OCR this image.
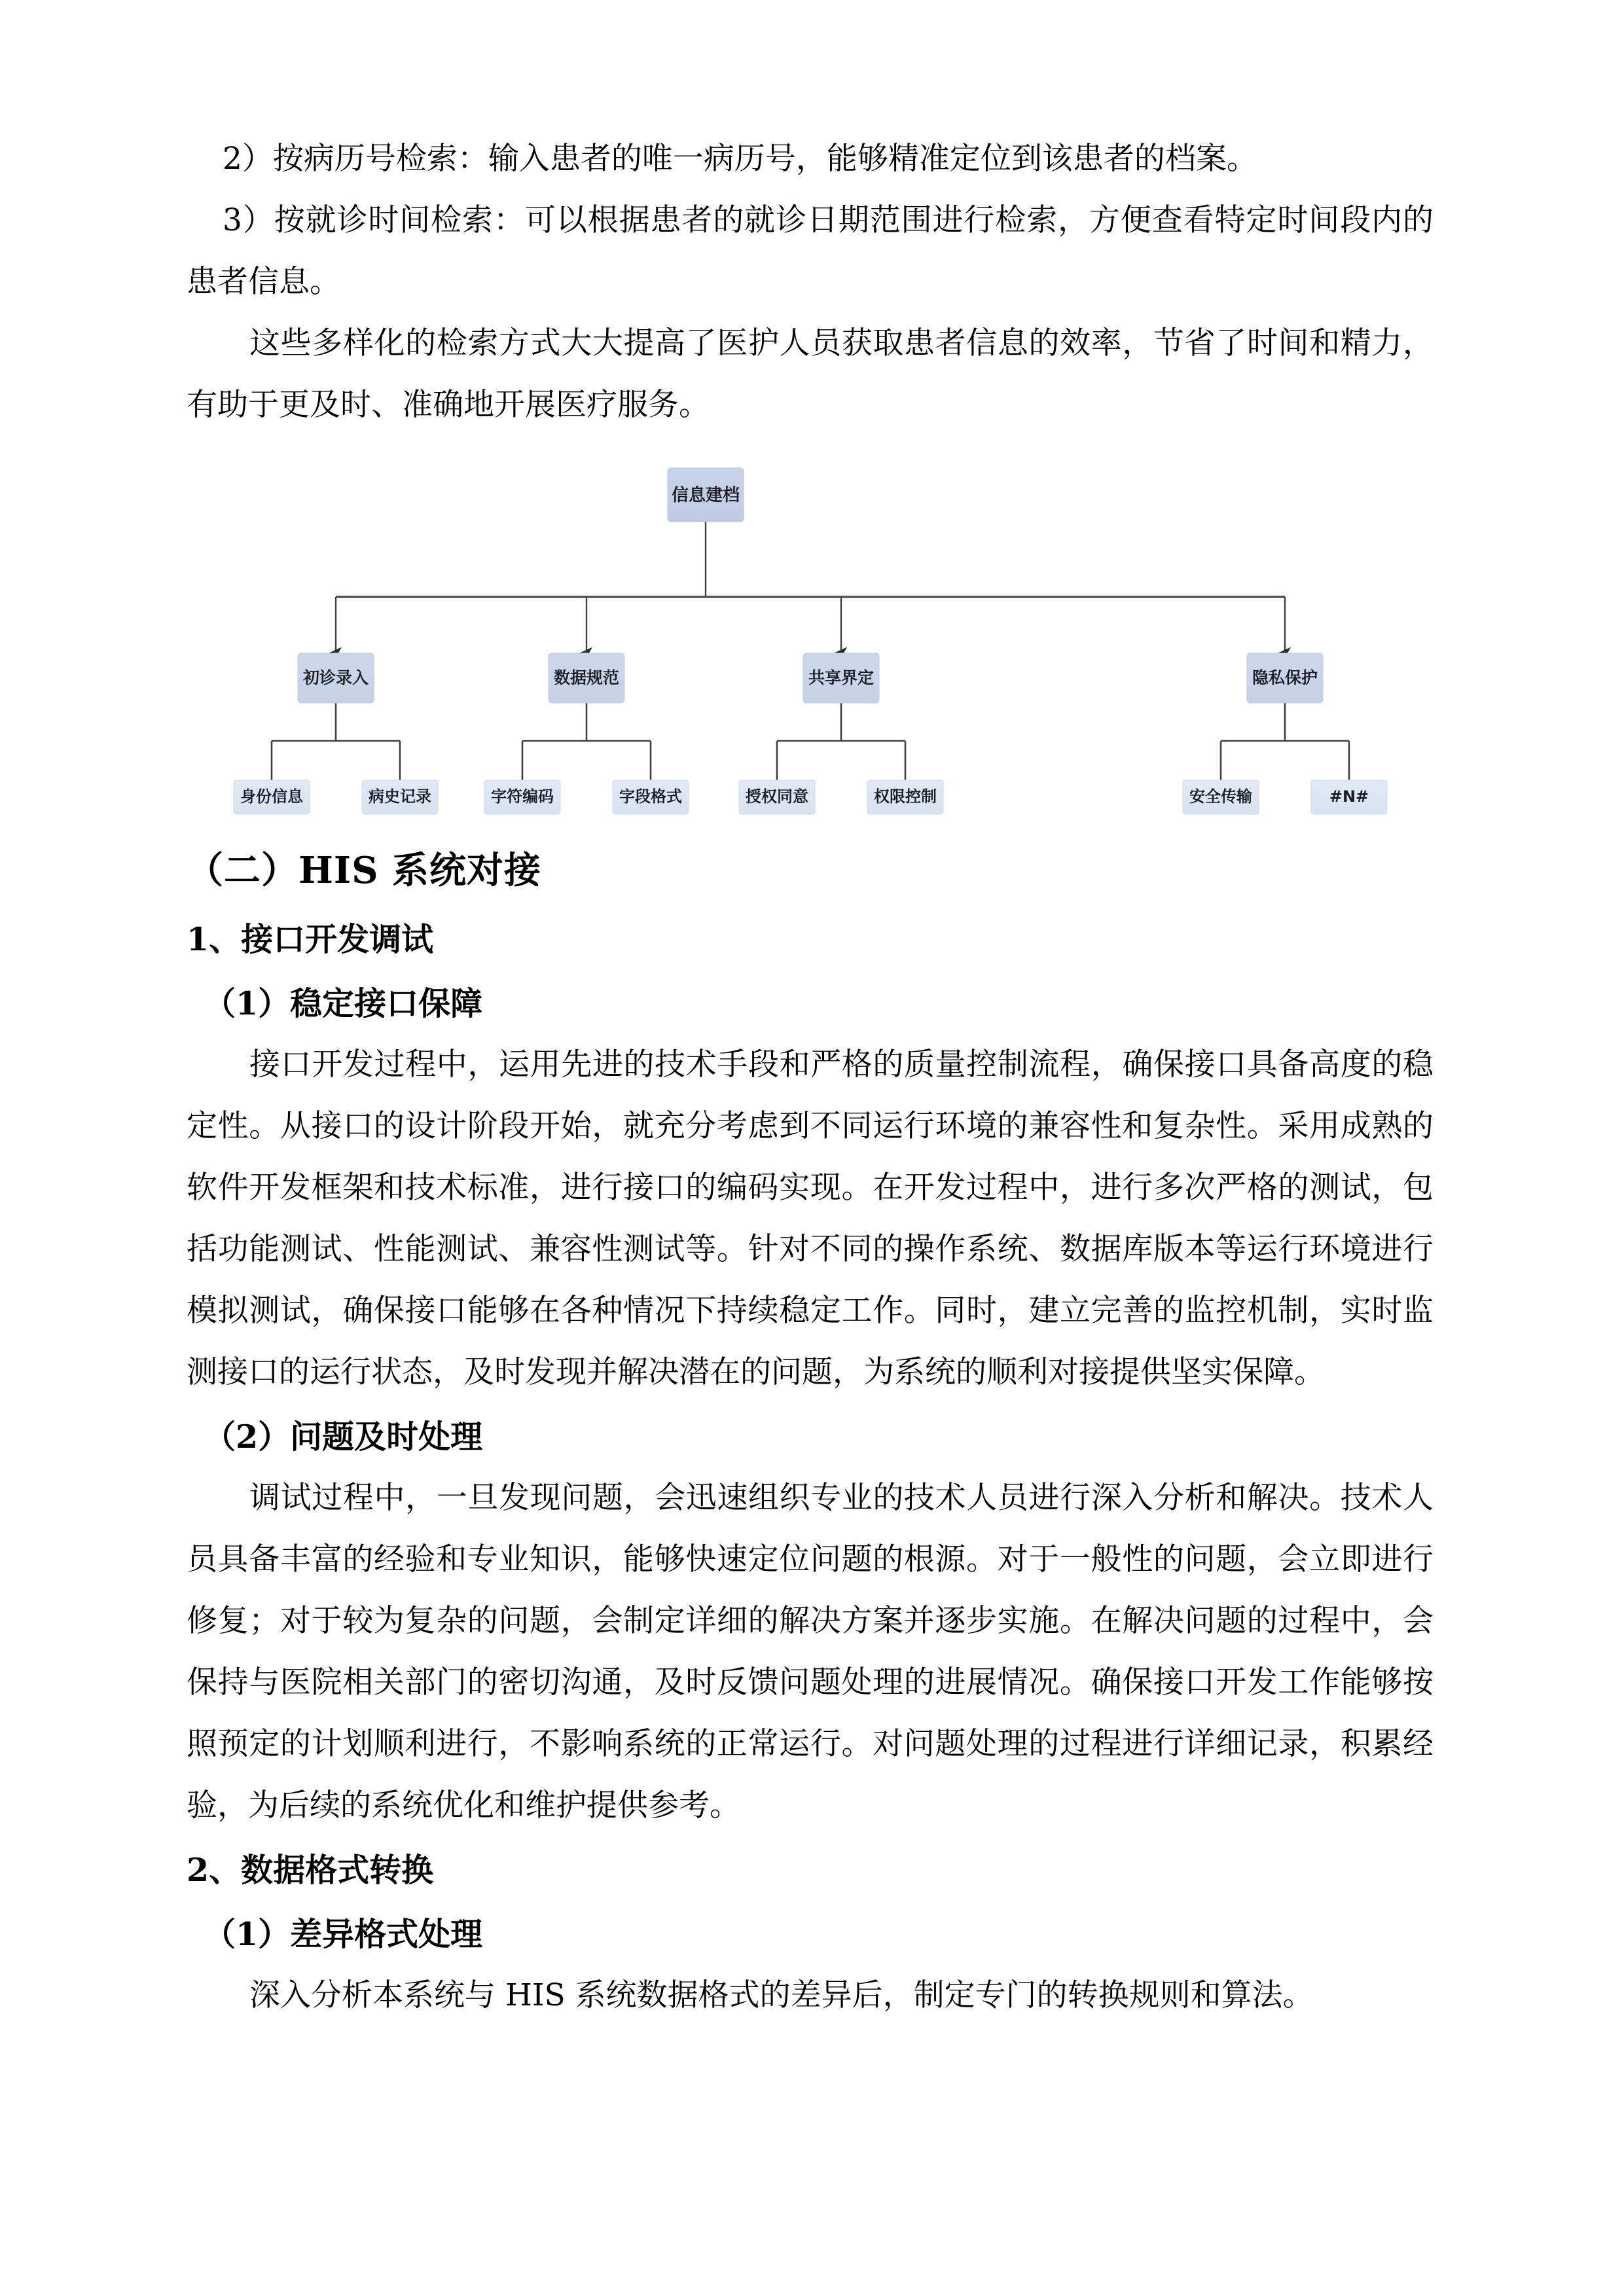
2）按病历号检索：输入患者的唯一病历号，能够精准定位到该患者的档案。

3）按就诊时间检索：可以根据患者的就诊日期范围进行检索，方便查看特定时间段内的患者信息。

这些多样化的检索方式大大提高了医护人员获取患者信息的效率，节省了时间和精力，有助于更及时、准确地开展医疗服务。

信息建档
初诊录入	数据规范	共享界定	隐私保护
身份信息	病史记录	字符编码	字段格式	授权同意	权限控制	安全传输	#N#
（二）HIS 系统对接
1、接口开发调试
（1）稳定接口保障

接口开发过程中，运用先进的技术手段和严格的质量控制流程，确保接口具备高度的稳定性。从接口的设计阶段开始，就充分考虑到不同运行环境的兼容性和复杂性。采用成熟的软件开发框架和技术标准，进行接口的编码实现。在开发过程中，进行多次严格的测试，包括功能测试、性能测试、兼容性测试等。针对不同的操作系统、数据库版本等运行环境进行模拟测试，确保接口能够在各种情况下持续稳定工作。同时，建立完善的监控机制，实时监测接口的运行状态，及时发现并解决潜在的问题，为系统的顺利对接提供坚实保障。

（2）问题及时处理

调试过程中，一旦发现问题，会迅速组织专业的技术人员进行深入分析和解决。技术人员具备丰富的经验和专业知识，能够快速定位问题的根源。对于一般性的问题，会立即进行修复；对于较为复杂的问题，会制定详细的解决方案并逐步实施。在解决问题的过程中，会保持与医院相关部门的密切沟通，及时反馈问题处理的进展情况。确保接口开发工作能够按照预定的计划顺利进行，不影响系统的正常运行。对问题处理的过程进行详细记录，积累经验，为后续的系统优化和维护提供参考。

2、数据格式转换
（1）差异格式处理

深入分析本系统与 HIS 系统数据格式的差异后，制定专门的转换规则和算法。
